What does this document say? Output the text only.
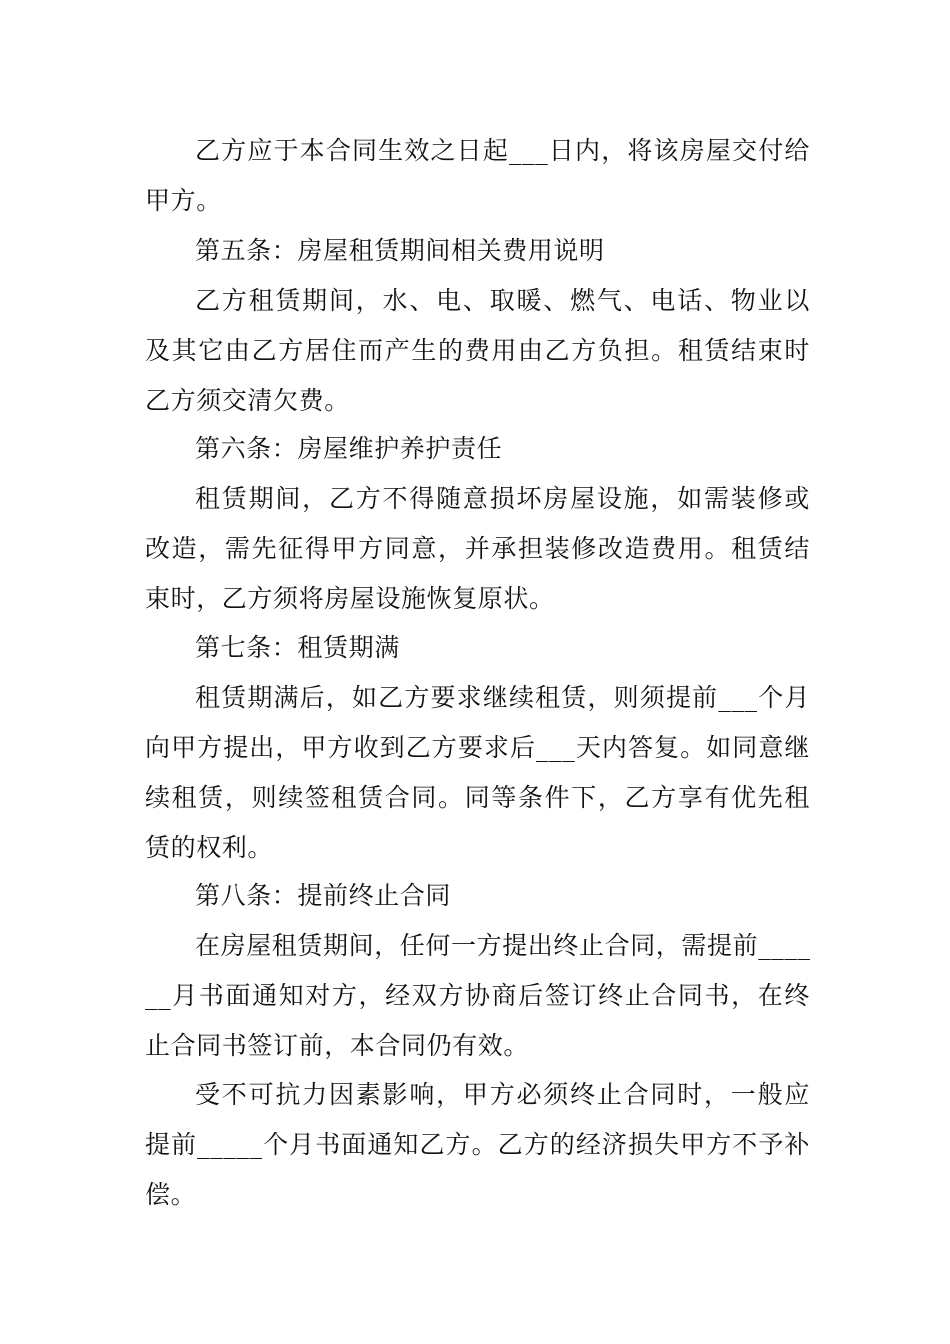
乙方应于本合同生效之日起___日内，将该房屋交付给
甲方。
第五条：房屋租赁期间相关费用说明
乙方租赁期间，水、电、取暖、燃气、电话、物业以
及其它由乙方居住而产生的费用由乙方负担。租赁结束时
乙方须交清欠费。
第六条：房屋维护养护责任
租赁期间，乙方不得随意损坏房屋设施，如需装修或
改造，需先征得甲方同意，并承担装修改造费用。租赁结
束时，乙方须将房屋设施恢复原状。
第七条：租赁期满
租赁期满后，如乙方要求继续租赁，则须提前___个月
向甲方提出，甲方收到乙方要求后___天内答复。如同意继
续租赁，则续签租赁合同。同等条件下，乙方享有优先租
赁的权利。
第八条：提前终止合同
在房屋租赁期间，任何一方提出终止合同，需提前____
__月书面通知对方，经双方协商后签订终止合同书，在终
止合同书签订前，本合同仍有效。
受不可抗力因素影响，甲方必须终止合同时，一般应
提前_____个月书面通知乙方。乙方的经济损失甲方不予补
偿。
